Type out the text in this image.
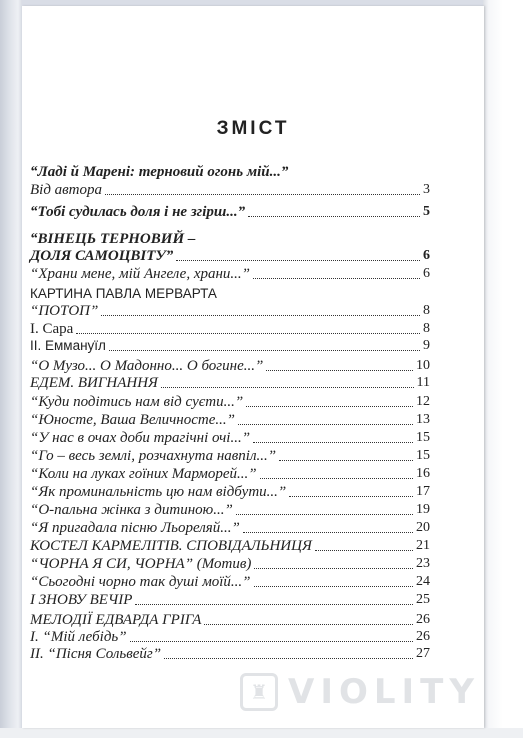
ЗМІСТ
“Ладі й Марені: терновий огонь мій...”
Від автора	3
“Тобі судилась доля і не згірш...”	5
“ВІНЕЦЬ ТЕРНОВИЙ –
ДОЛЯ САМОЦВІТУ”	6
“Храни мене, мій Ангеле, храни...”	6
КАРТИНА ПАВЛА МЕРВАРТА
“ПОТОП”	8
І. Сара	8
ІІ. Еммануїл	9
“О Музо... О Мадонно... О богине...”	10
ЕДЕМ. ВИГНАННЯ	11
“Куди подітись нам від суєти...”	12
“Юносте, Ваша Величносте...”	13
“У нас в очах доби трагічні очі...”	15
“Го – весь землі, розчахнута навпіл...”	15
“Коли на луках гоїних Марморей...”	16
“Як проминальність цю нам відбути...”	17
“О-пальна жінка з дитиною...”	19
“Я пригадала пісню Льореляй...”	20
КОСТЕЛ КАРМЕЛІТІВ. СПОВІДАЛЬНИЦЯ	21
“ЧОРНА Я СИ, ЧОРНА” (Мотив)	23
“Сьогодні чорно так душі моїй...”	24
І ЗНОВУ ВЕЧІР	25
МЕЛОДІЇ ЕДВАРДА ГРІГА	26
І. “Мій лебідь”	26
ІІ. “Пісня Сольвейг”	27
♜ VIOLITY
